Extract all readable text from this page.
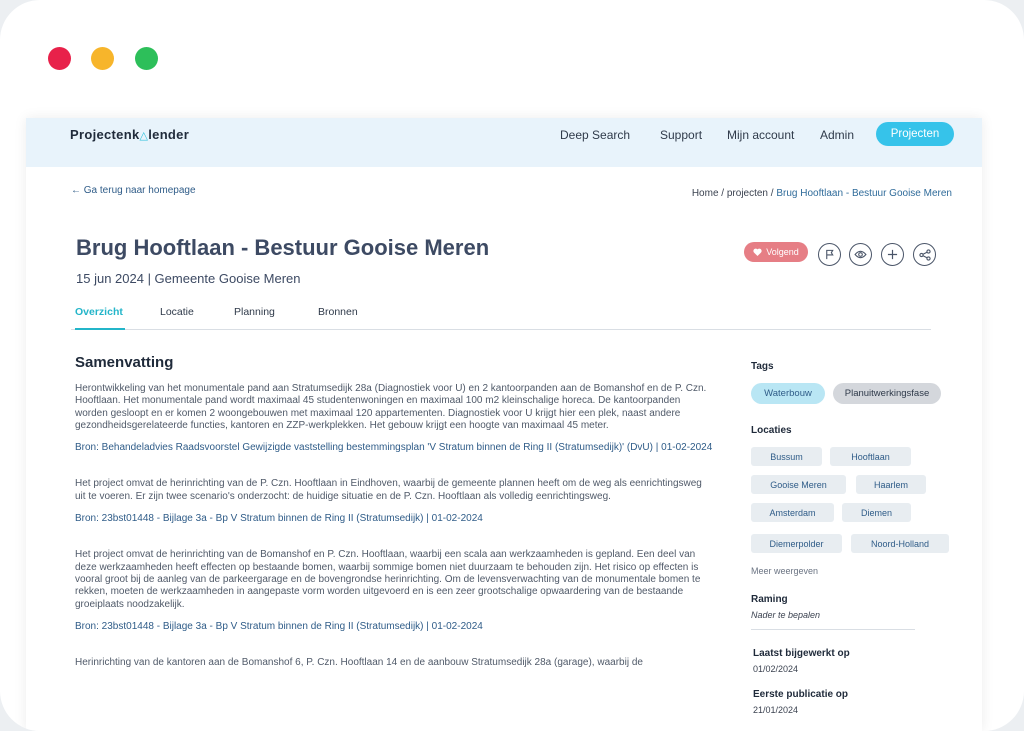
Projectenk△lender	Deep Search Support Mijn account Admin	Projecten
← Ga terug naar homepage	Home / projecten / Brug Hooftlaan - Bestuur Gooise Meren
Brug Hooftlaan - Bestuur Gooise Meren
15 jun 2024 | Gemeente Gooise Meren
Volgend
Overzicht	Locatie	Planning	Bronnen
Samenvatting

Herontwikkeling van het monumentale pand aan Stratumsedijk 28a (Diagnostiek voor U) en 2 kantoorpanden aan de Bomanshof en de P. Czn. Hooftlaan. Het monumentale pand wordt maximaal 45 studentenwoningen en maximaal 100 m2 kleinschalige horeca. De kantoorpanden worden gesloopt en er komen 2 woongebouwen met maximaal 120 appartementen. Diagnostiek voor U krijgt hier een plek, naast andere gezondheidsgerelateerde functies, kantoren en ZZP-werkplekken. Het gebouw krijgt een hoogte van maximaal 45 meter.

Bron: Behandeladvies Raadsvoorstel Gewijzigde vaststelling bestemmingsplan 'V Stratum binnen de Ring II (Stratumsedijk)' (DvU) | 01-02-2024

Het project omvat de herinrichting van de P. Czn. Hooftlaan in Eindhoven, waarbij de gemeente plannen heeft om de weg als eenrichtingsweg uit te voeren. Er zijn twee scenario's onderzocht: de huidige situatie en de P. Czn. Hooftlaan als volledig eenrichtingsweg.

Bron: 23bst01448 - Bijlage 3a - Bp V Stratum binnen de Ring II (Stratumsedijk) | 01-02-2024

Het project omvat de herinrichting van de Bomanshof en P. Czn. Hooftlaan, waarbij een scala aan werkzaamheden is gepland. Een deel van deze werkzaamheden heeft effecten op bestaande bomen, waarbij sommige bomen niet duurzaam te behouden zijn. Het risico op effecten is vooral groot bij de aanleg van de parkeergarage en de bovengrondse herinrichting. Om de levensverwachting van de monumentale bomen te rekken, moeten de werkzaamheden in aangepaste vorm worden uitgevoerd en is een zeer grootschalige opwaardering van de bestaande groeiplaats noodzakelijk.

Bron: 23bst01448 - Bijlage 3a - Bp V Stratum binnen de Ring II (Stratumsedijk) | 01-02-2024

Herinrichting van de kantoren aan de Bomanshof 6, P. Czn. Hooftlaan 14 en de aanbouw Stratumsedijk 28a (garage), waarbij de

Tags
Waterbouw	Planuitwerkingsfase
Locaties
Bussum	Hooftlaan
Gooise Meren	Haarlem
Amsterdam	Diemen
Diemerpolder	Noord-Holland
Meer weergeven
Raming
Nader te bepalen
Laatst bijgewerkt op
01/02/2024
Eerste publicatie op
21/01/2024
